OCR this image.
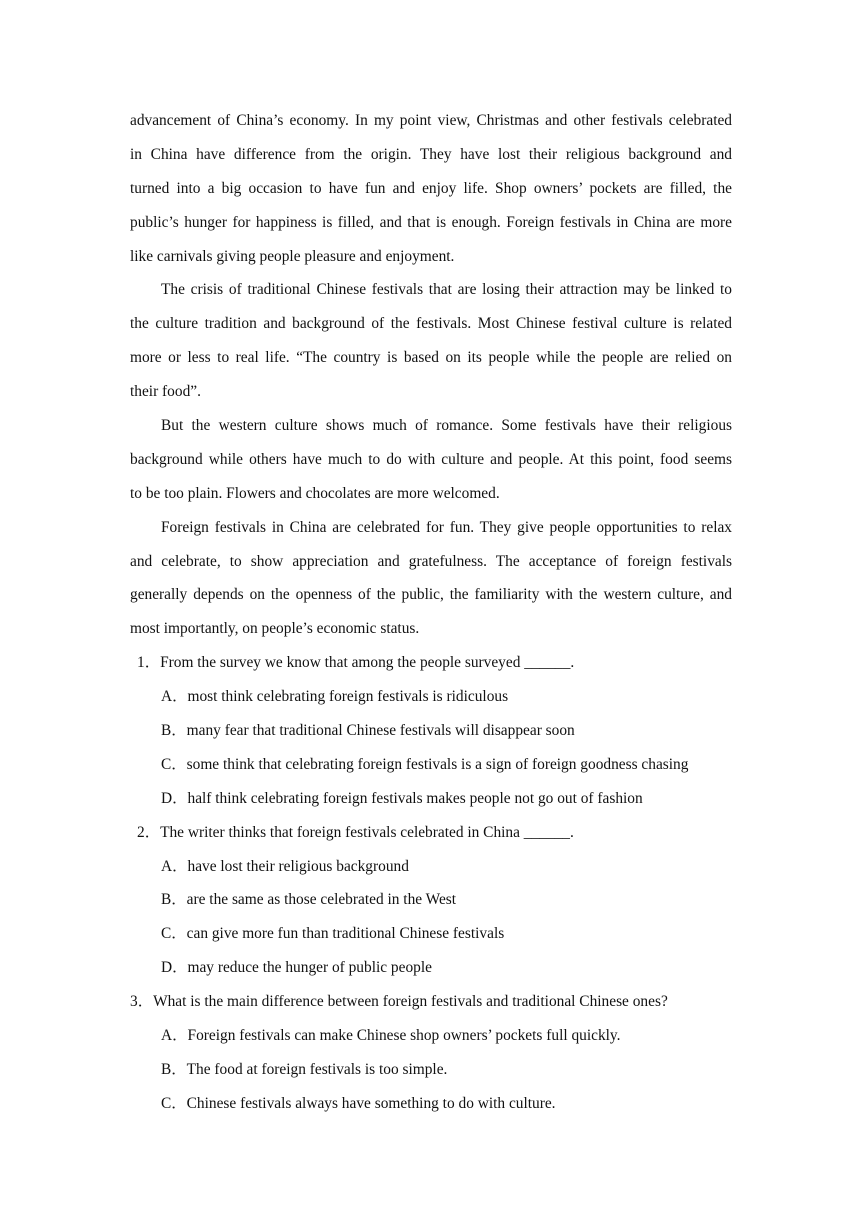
advancement of China’s economy. In my point view, Christmas and other festivals celebrated
in China have difference from the origin. They have lost their religious background and
turned into a big occasion to have fun and enjoy life. Shop owners’ pockets are filled, the
public’s hunger for happiness is filled, and that is enough. Foreign festivals in China are more
like carnivals giving people pleasure and enjoyment.
The crisis of traditional Chinese festivals that are losing their attraction may be linked to
the culture tradition and background of the festivals. Most Chinese festival culture is related
more or less to real life. “The country is based on its people while the people are relied on
their food”.
But the western culture shows much of romance. Some festivals have their religious
background while others have much to do with culture and people. At this point, food seems
to be too plain. Flowers and chocolates are more welcomed.
Foreign festivals in China are celebrated for fun. They give people opportunities to relax
and celebrate, to show appreciation and gratefulness. The acceptance of foreign festivals
generally depends on the openness of the public, the familiarity with the western culture, and
most importantly, on people’s economic status.
1．From the survey we know that among the people surveyed ______.
A．most think celebrating foreign festivals is ridiculous
B．many fear that traditional Chinese festivals will disappear soon
C．some think that celebrating foreign festivals is a sign of foreign goodness chasing
D．half think celebrating foreign festivals makes people not go out of fashion
2．The writer thinks that foreign festivals celebrated in China ______.
A．have lost their religious background
B．are the same as those celebrated in the West
C．can give more fun than traditional Chinese festivals
D．may reduce the hunger of public people
3．What is the main difference between foreign festivals and traditional Chinese ones?
A．Foreign festivals can make Chinese shop owners’ pockets full quickly.
B．The food at foreign festivals is too simple.
C．Chinese festivals always have something to do with culture.
